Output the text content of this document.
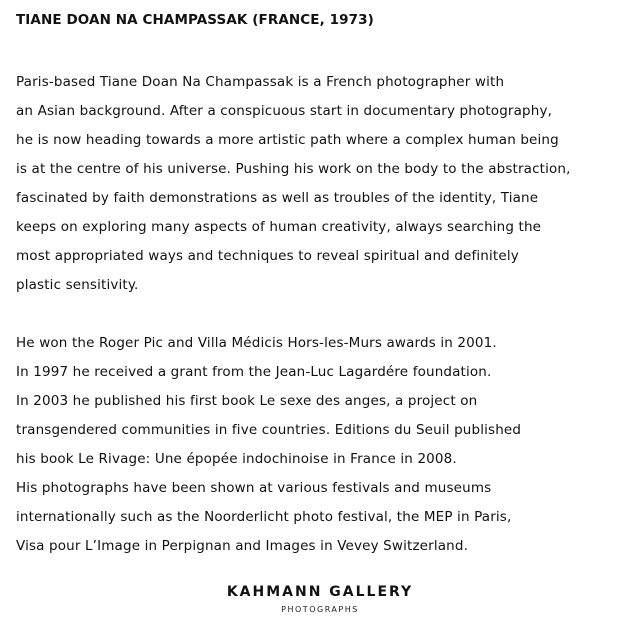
TIANE DOAN NA CHAMPASSAK (FRANCE, 1973)
Paris-based Tiane Doan Na Champassak is a French photographer with
an Asian background. After a conspicuous start in documentary photography,
he is now heading towards a more artistic path where a complex human being
is at the centre of his universe. Pushing his work on the body to the abstraction,
fascinated by faith demonstrations as well as troubles of the identity, Tiane
keeps on exploring many aspects of human creativity, always searching the
most appropriated ways and techniques to reveal spiritual and definitely
plastic sensitivity.
He won the Roger Pic and Villa Médicis Hors-les-Murs awards in 2001.
In 1997 he received a grant from the Jean-Luc Lagardére foundation.
In 2003 he published his first book Le sexe des anges, a project on
transgendered communities in five countries. Editions du Seuil published
his book Le Rivage: Une épopée indochinoise in France in 2008.
His photographs have been shown at various festivals and museums
internationally such as the Noorderlicht photo festival, the MEP in Paris,
Visa pour L’Image in Perpignan and Images in Vevey Switzerland.
KAHMANN GALLERY
PHOTOGRAPHS
